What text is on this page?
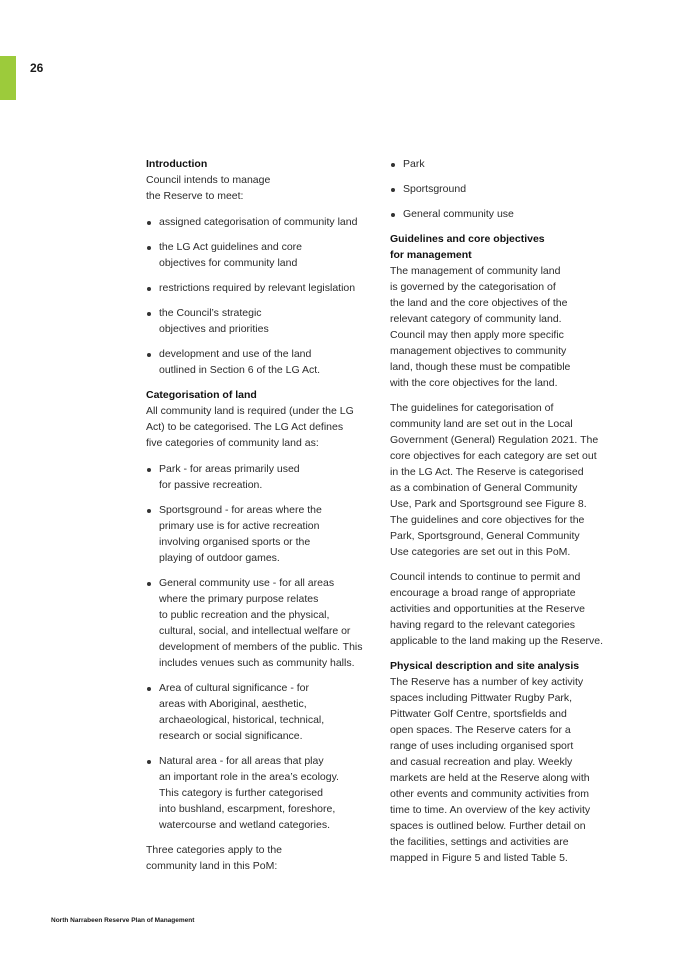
26
Introduction

Council intends to manage
the Reserve to meet:

assigned categorisation of community land
the LG Act guidelines and core
objectives for community land
restrictions required by relevant legislation
the Council’s strategic
objectives and priorities
development and use of the land
outlined in Section 6 of the LG Act.
Categorisation of land

All community land is required (under the LG
Act) to be categorised. The LG Act defines
five categories of community land as:

Park - for areas primarily used
for passive recreation.
Sportsground - for areas where the
primary use is for active recreation
involving organised sports or the
playing of outdoor games.
General community use - for all areas
where the primary purpose relates
to public recreation and the physical,
cultural, social, and intellectual welfare or
development of members of the public. This
includes venues such as community halls.
Area of cultural significance - for
areas with Aboriginal, aesthetic,
archaeological, historical, technical,
research or social significance.
Natural area - for all areas that play
an important role in the area’s ecology.
This category is further categorised
into bushland, escarpment, foreshore,
watercourse and wetland categories.

Three categories apply to the
community land in this PoM:

Park
Sportsground
General community use
Guidelines and core objectives
for management

The management of community land
is governed by the categorisation of
the land and the core objectives of the
relevant category of community land.
Council may then apply more specific
management objectives to community
land, though these must be compatible
with the core objectives for the land.

The guidelines for categorisation of
community land are set out in the Local
Government (General) Regulation 2021. The
core objectives for each category are set out
in the LG Act. The Reserve is categorised
as a combination of General Community
Use, Park and Sportsground see Figure 8.
The guidelines and core objectives for the
Park, Sportsground, General Community
Use categories are set out in this PoM.

Council intends to continue to permit and
encourage a broad range of appropriate
activities and opportunities at the Reserve
having regard to the relevant categories
applicable to the land making up the Reserve.

Physical description and site analysis

The Reserve has a number of key activity
spaces including Pittwater Rugby Park,
Pittwater Golf Centre, sportsfields and
open spaces. The Reserve caters for a
range of uses including organised sport
and casual recreation and play. Weekly
markets are held at the Reserve along with
other events and community activities from
time to time. An overview of the key activity
spaces is outlined below. Further detail on
the facilities, settings and activities are
mapped in Figure 5 and listed Table 5.

North Narrabeen Reserve Plan of Management
